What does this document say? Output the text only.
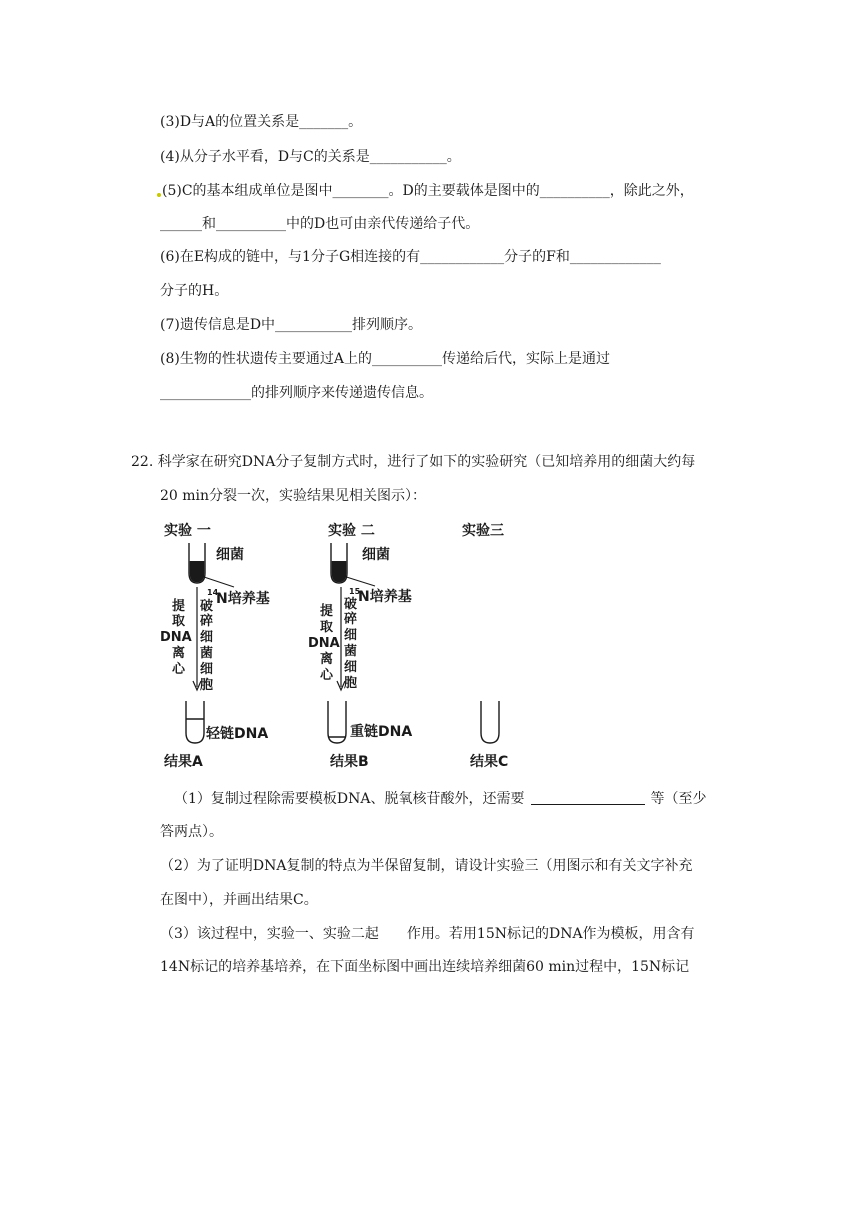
(3)D与A的位置关系是_______。
(4)从分子水平看，D与C的关系是___________。
(5)C的基本组成单位是图中________。D的主要载体是图中的__________，除此之外，
______和__________中的D也可由亲代传递给子代。
(6)在E构成的链中，与1分子G相连接的有____________分子的F和_____________
分子的H。
(7)遗传信息是D中___________排列顺序。
(8)生物的性状遗传主要通过A上的__________传递给后代，实际上是通过
_____________的排列顺序来传递遗传信息。
22. 科学家在研究DNA分子复制方式时，进行了如下的实验研究（已知培养用的细菌大约每
20 min分裂一次，实验结果见相关图示）：
实验 一	实验 二	实验三
细菌
14
N培养基
提
取
DNA
离
心
破
碎
细
菌
细
胞
轻链DNA
结果A
细菌
15
N培养基
提
取
DNA
离
心
破
碎
细
菌
细
胞
重链DNA
结果B	结果C
（1）复制过程除需要模板DNA、脱氧核苷酸外，还需要	等（至少
答两点）。
（2）为了证明DNA复制的特点为半保留复制，请设计实验三（用图示和有关文字补充
在图中），并画出结果C。
（3）该过程中，实验一、实验二起　　作用。若用15N标记的DNA作为模板，用含有
14N标记的培养基培养，在下面坐标图中画出连续培养细菌60 min过程中，15N标记
